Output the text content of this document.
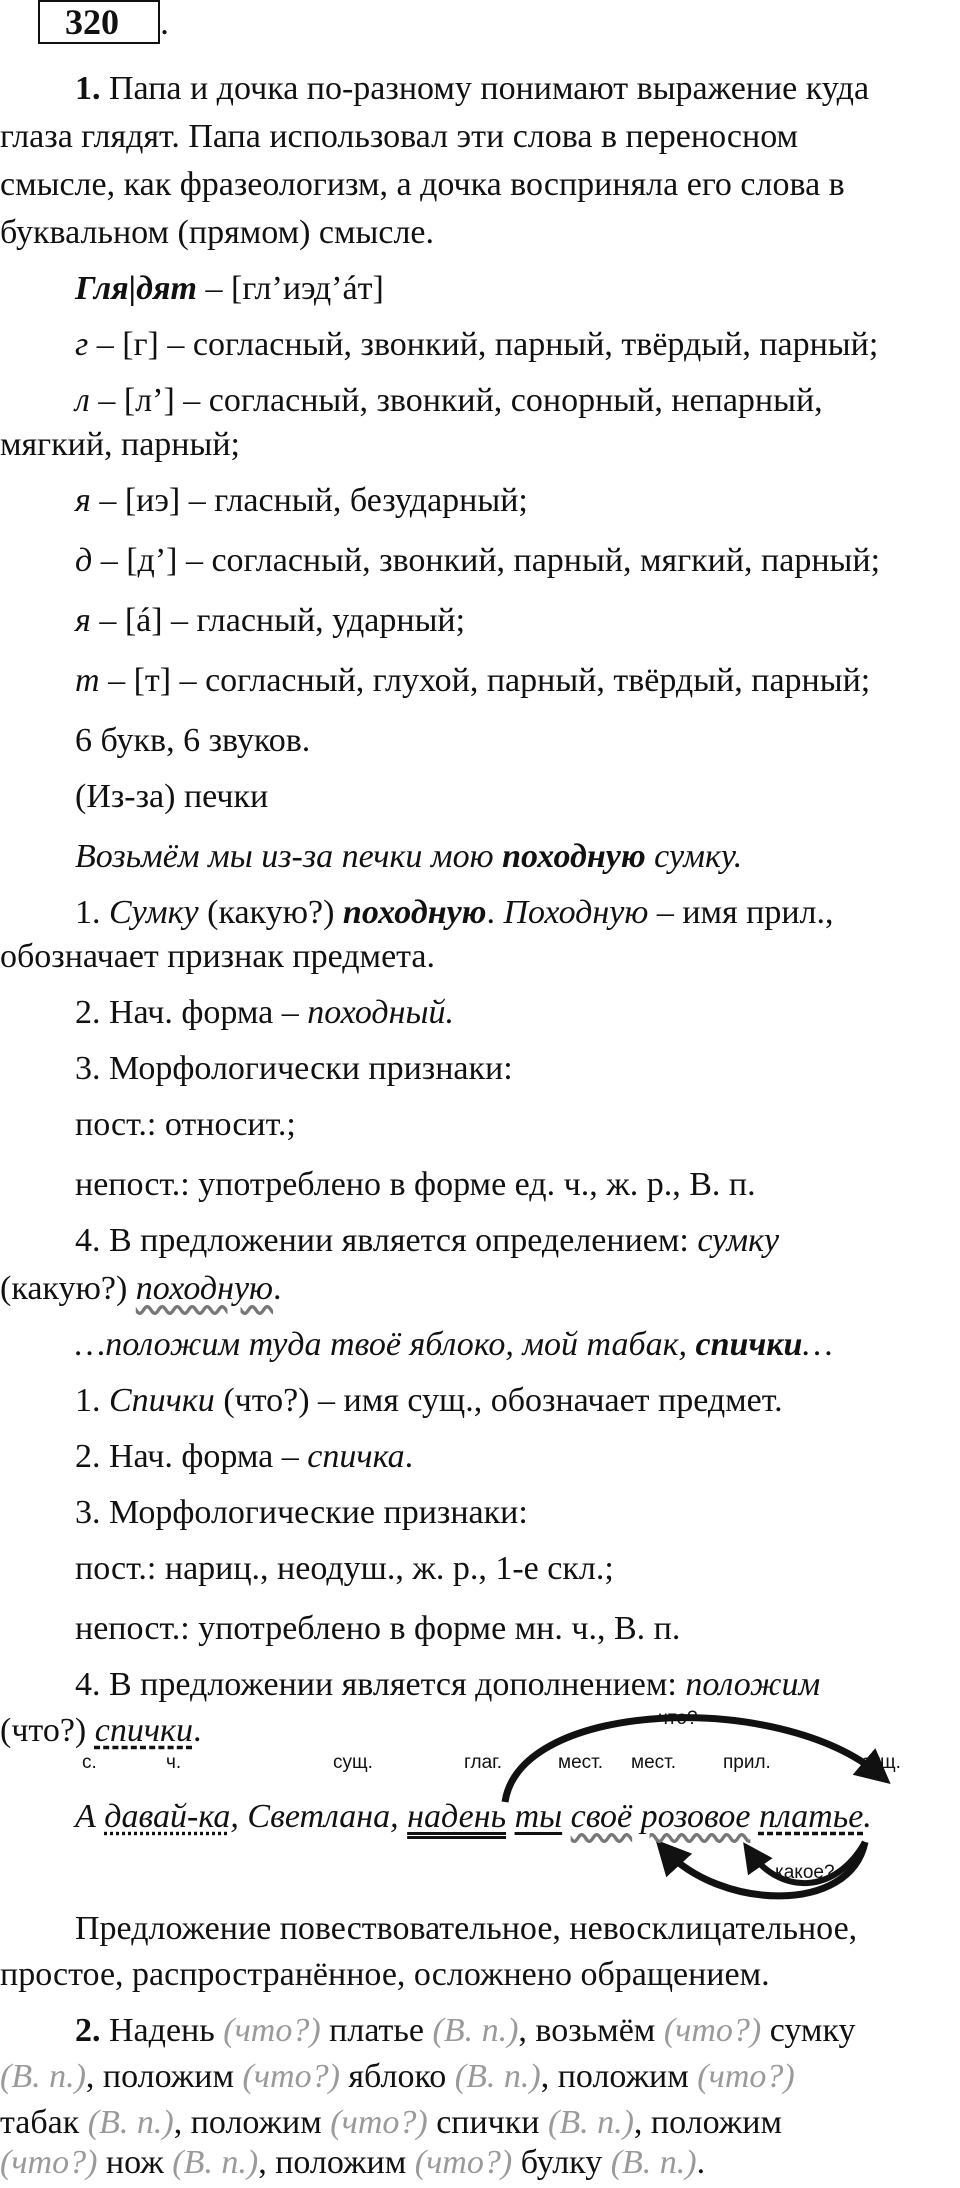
320	.
1. Папа и дочка по-разному понимают выражение куда
глаза глядят. Папа использовал эти слова в переносном
смысле, как фразеологизм, а дочка восприняла его слова в
буквальном (прямом) смысле.
Гля|дят – [гл’иэд’áт]
г – [г] – согласный, звонкий, парный, твёрдый, парный;
л – [л’] – согласный, звонкий, сонорный, непарный,
мягкий, парный;
я – [иэ] – гласный, безударный;
д – [д’] – согласный, звонкий, парный, мягкий, парный;
я – [á] – гласный, ударный;
т – [т] – согласный, глухой, парный, твёрдый, парный;
6 букв, 6 звуков.
(Из-за) печки
Возьмём мы из-за печки мою походную сумку.
1. Сумку (какую?) походную. Походную – имя прил.,
обозначает признак предмета.
2. Нач. форма – походный.
3. Морфологически признаки:
пост.: относит.;
непост.: употреблено в форме ед. ч., ж. р., В. п.
4. В предложении является определением: сумку
(какую?) походную.
…положим туда твоё яблоко, мой табак, спички…
1. Спички (что?) – имя сущ., обозначает предмет.
2. Нач. форма – спичка.
3. Морфологические признаки:
пост.: нариц., неодуш., ж. р., 1-е скл.;
непост.: употреблено в форме мн. ч., В. п.
4. В предложении является дополнением: положим
(что?) спички.
с.	ч.	сущ.	глаг.	мест. мест. прил.	сущ.
что?
какое?
А давай-ка, Светлана, надень ты своё розовое платье.
Предложение повествовательное, невосклицательное,
простое, распространённое, осложнено обращением.
2. Надень (что?) платье (В. п.), возьмём (что?) сумку
(В. п.), положим (что?) яблоко (В. п.), положим (что?)
табак (В. п.), положим (что?) спички (В. п.), положим
(что?) нож (В. п.), положим (что?) булку (В. п.).
